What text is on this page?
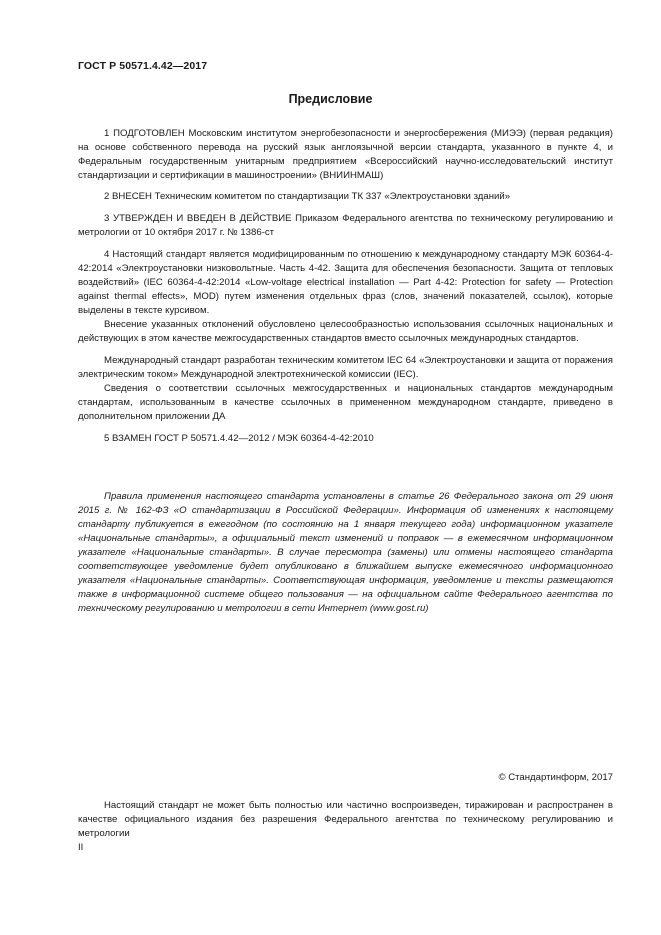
ГОСТ Р 50571.4.42—2017
Предисловие

1 ПОДГОТОВЛЕН Московским институтом энергобезопасности и энергосбережения (МИЭЭ) (первая редакция) на основе собственного перевода на русский язык англоязычной версии стандарта, указанного в пункте 4, и Федеральным государственным унитарным предприятием «Всероссийский научно-исследовательский институт стандартизации и сертификации в машиностроении» (ВНИИНМАШ)

2 ВНЕСЕН Техническим комитетом по стандартизации ТК 337 «Электроустановки зданий»

3 УТВЕРЖДЕН И ВВЕДЕН В ДЕЙСТВИЕ Приказом Федерального агентства по техническому регулированию и метрологии от 10 октября 2017 г. № 1386-ст

4 Настоящий стандарт является модифицированным по отношению к международному стандарту МЭК 60364-4-42:2014 «Электроустановки низковольтные. Часть 4-42. Защита для обеспечения безопасности. Защита от тепловых воздействий» (IEC 60364-4-42:2014 «Low-voltage electrical installation — Part 4-42: Protection for safety — Protection against thermal effects», MOD) путем изменения отдельных фраз (слов, значений показателей, ссылок), которые выделены в тексте курсивом.

Внесение указанных отклонений обусловлено целесообразностью использования ссылочных национальных и действующих в этом качестве межгосударственных стандартов вместо ссылочных международных стандартов.

Международный стандарт разработан техническим комитетом IEC 64 «Электроустановки и защита от поражения электрическим током» Международной электротехнической комиссии (IEC).

Сведения о соответствии ссылочных межгосударственных и национальных стандартов международным стандартам, использованным в качестве ссылочных в примененном международном стандарте, приведено в дополнительном приложении ДА

5 ВЗАМЕН ГОСТ Р 50571.4.42—2012 / МЭК 60364-4-42:2010

Правила применения настоящего стандарта установлены в статье 26 Федерального закона от 29 июня 2015 г. № 162-ФЗ «О стандартизации в Российской Федерации». Информация об изменениях к настоящему стандарту публикуется в ежегодном (по состоянию на 1 января текущего года) информационном указателе «Национальные стандарты», а официальный текст изменений и поправок — в ежемесячном информационном указателе «Национальные стандарты». В случае пересмотра (замены) или отмены настоящего стандарта соответствующее уведомление будет опубликовано в ближайшем выпуске ежемесячного информационного указателя «Национальные стандарты». Соответствующая информация, уведомление и тексты размещаются также в информационной системе общего пользования — на официальном сайте Федерального агентства по техническому регулированию и метрологии в сети Интернет (www.gost.ru)

© Стандартинформ, 2017

Настоящий стандарт не может быть полностью или частично воспроизведен, тиражирован и распространен в качестве официального издания без разрешения Федерального агентства по техническому регулированию и метрологии

II
